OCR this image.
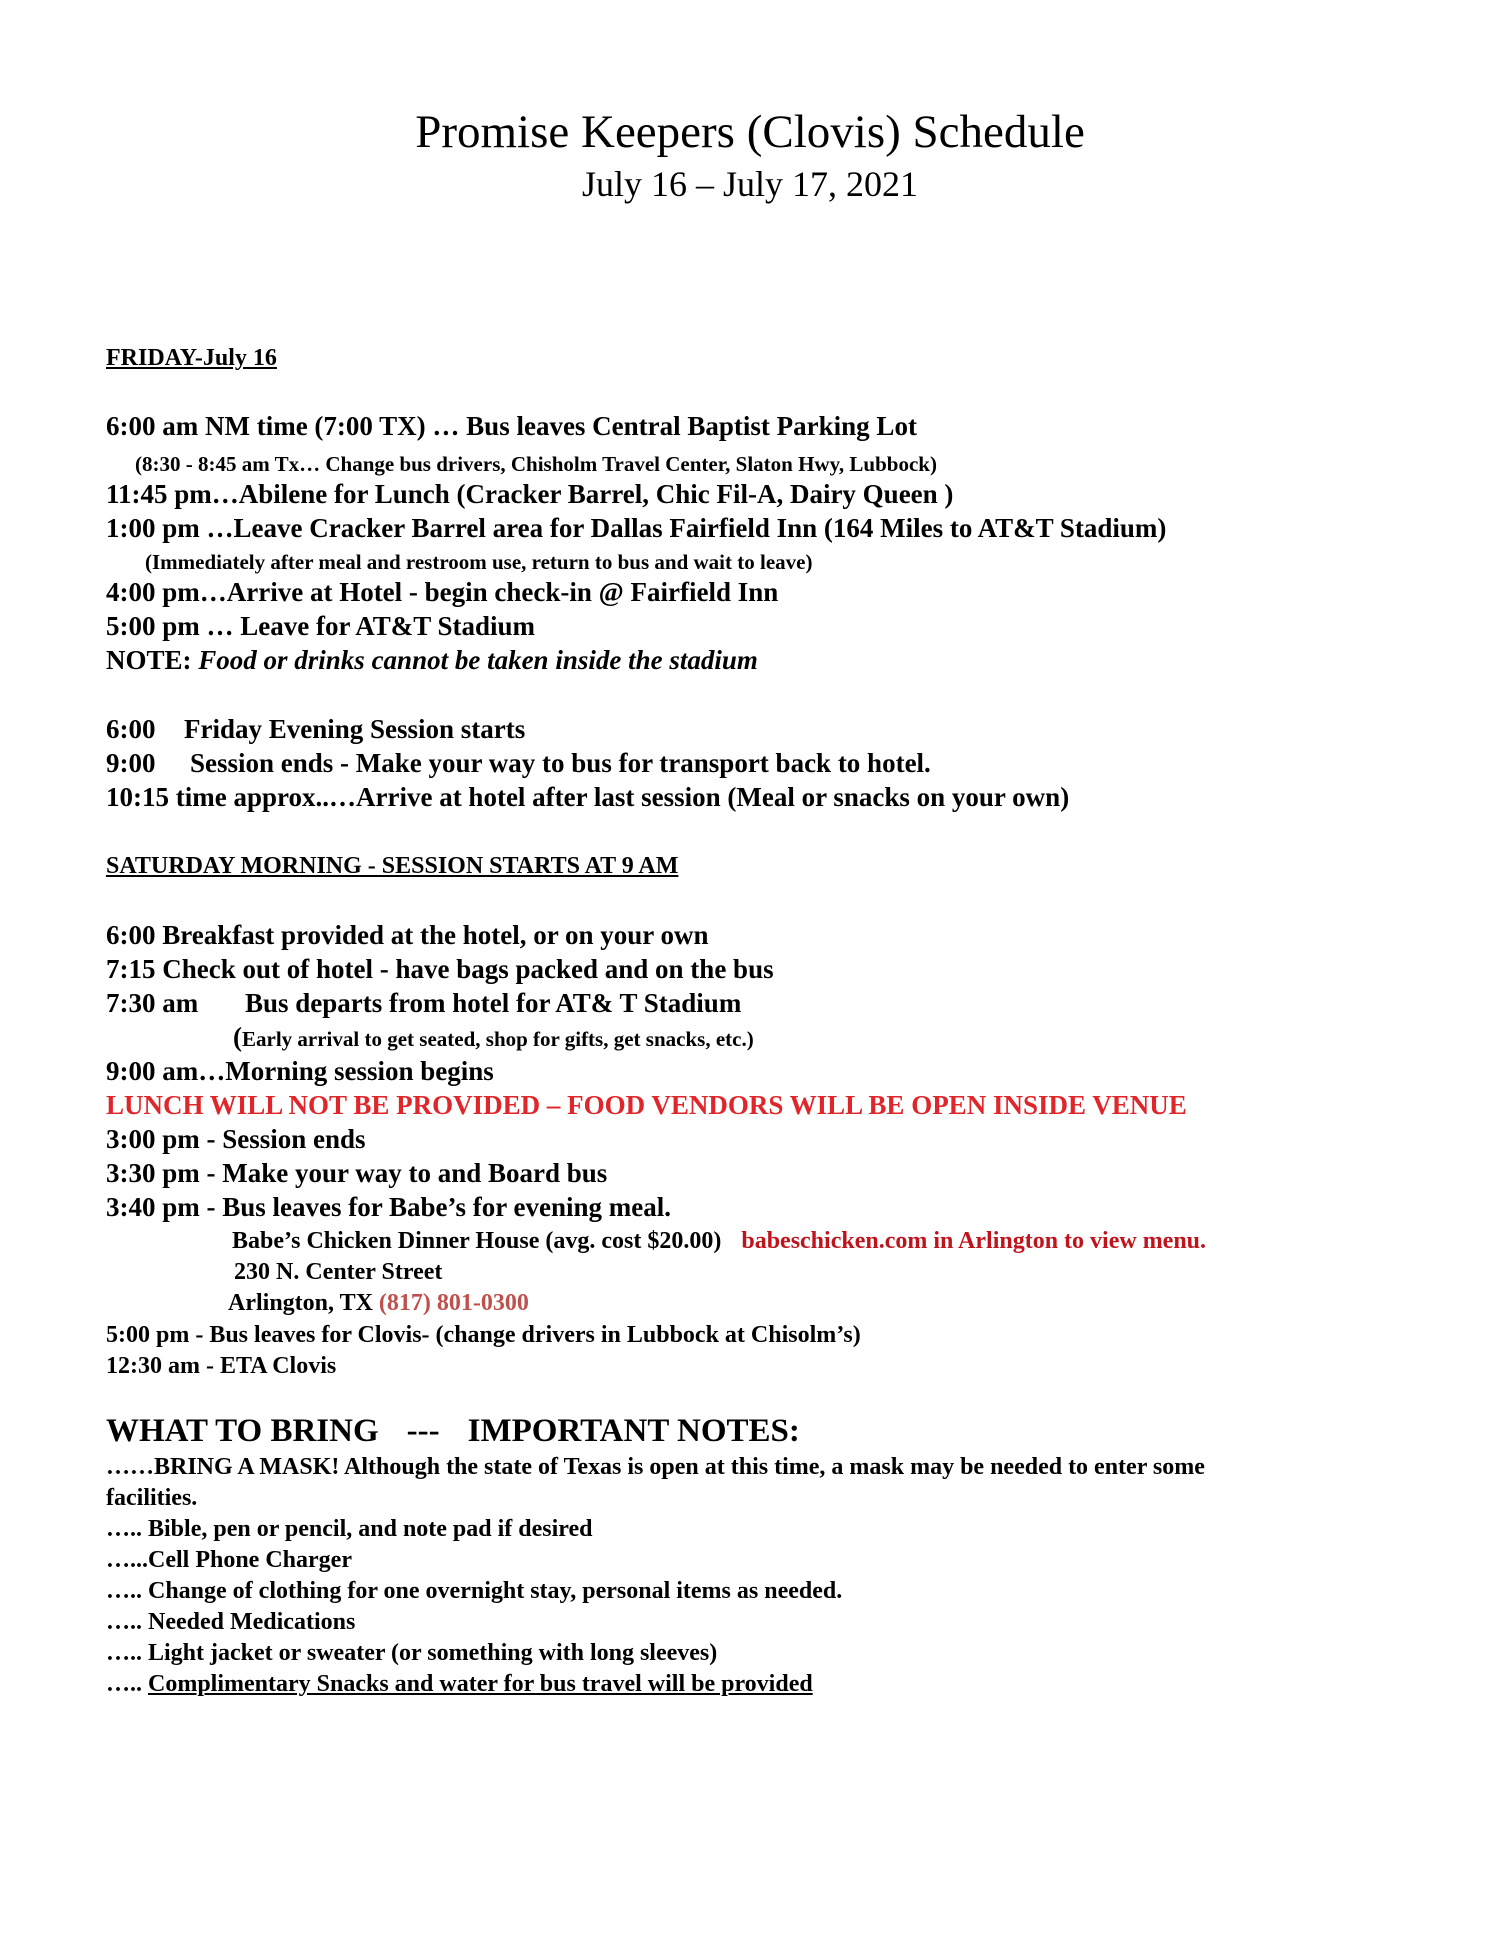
Promise Keepers (Clovis) Schedule
July 16 – July 17, 2021
FRIDAY-July 16
6:00 am NM time (7:00 TX) … Bus leaves Central Baptist Parking Lot
(8:30 - 8:45 am Tx… Change bus drivers, Chisholm Travel Center, Slaton Hwy, Lubbock)
11:45 pm…Abilene for Lunch (Cracker Barrel, Chic Fil-A, Dairy Queen )
1:00 pm …Leave Cracker Barrel area for Dallas Fairfield Inn (164 Miles to AT&T Stadium)
(Immediately after meal and restroom use, return to bus and wait to leave)
4:00 pm…Arrive at Hotel - begin check-in @ Fairfield Inn
5:00 pm … Leave for AT&T Stadium
NOTE: Food or drinks cannot be taken inside the stadium
6:00 Friday Evening Session starts
9:00 Session ends - Make your way to bus for transport back to hotel.
10:15 time approx..…Arrive at hotel after last session (Meal or snacks on your own)
SATURDAY MORNING - SESSION STARTS AT 9 AM
6:00 Breakfast provided at the hotel, or on your own
7:15 Check out of hotel - have bags packed and on the bus
7:30 am Bus departs from hotel for AT& T Stadium
(Early arrival to get seated, shop for gifts, get snacks, etc.)
9:00 am…Morning session begins
LUNCH WILL NOT BE PROVIDED – FOOD VENDORS WILL BE OPEN INSIDE VENUE
3:00 pm - Session ends
3:30 pm - Make your way to and Board bus
3:40 pm - Bus leaves for Babe’s for evening meal.
Babe’s Chicken Dinner House (avg. cost $20.00) babeschicken.com in Arlington to view menu.
230 N. Center Street
Arlington, TX (817) 801-0300
5:00 pm - Bus leaves for Clovis- (change drivers in Lubbock at Chisolm’s)
12:30 am - ETA Clovis
WHAT TO BRING --- IMPORTANT NOTES:
……BRING A MASK! Although the state of Texas is open at this time, a mask may be needed to enter some
facilities.
….. Bible, pen or pencil, and note pad if desired
…...Cell Phone Charger
….. Change of clothing for one overnight stay, personal items as needed.
….. Needed Medications
….. Light jacket or sweater (or something with long sleeves)
….. Complimentary Snacks and water for bus travel will be provided
